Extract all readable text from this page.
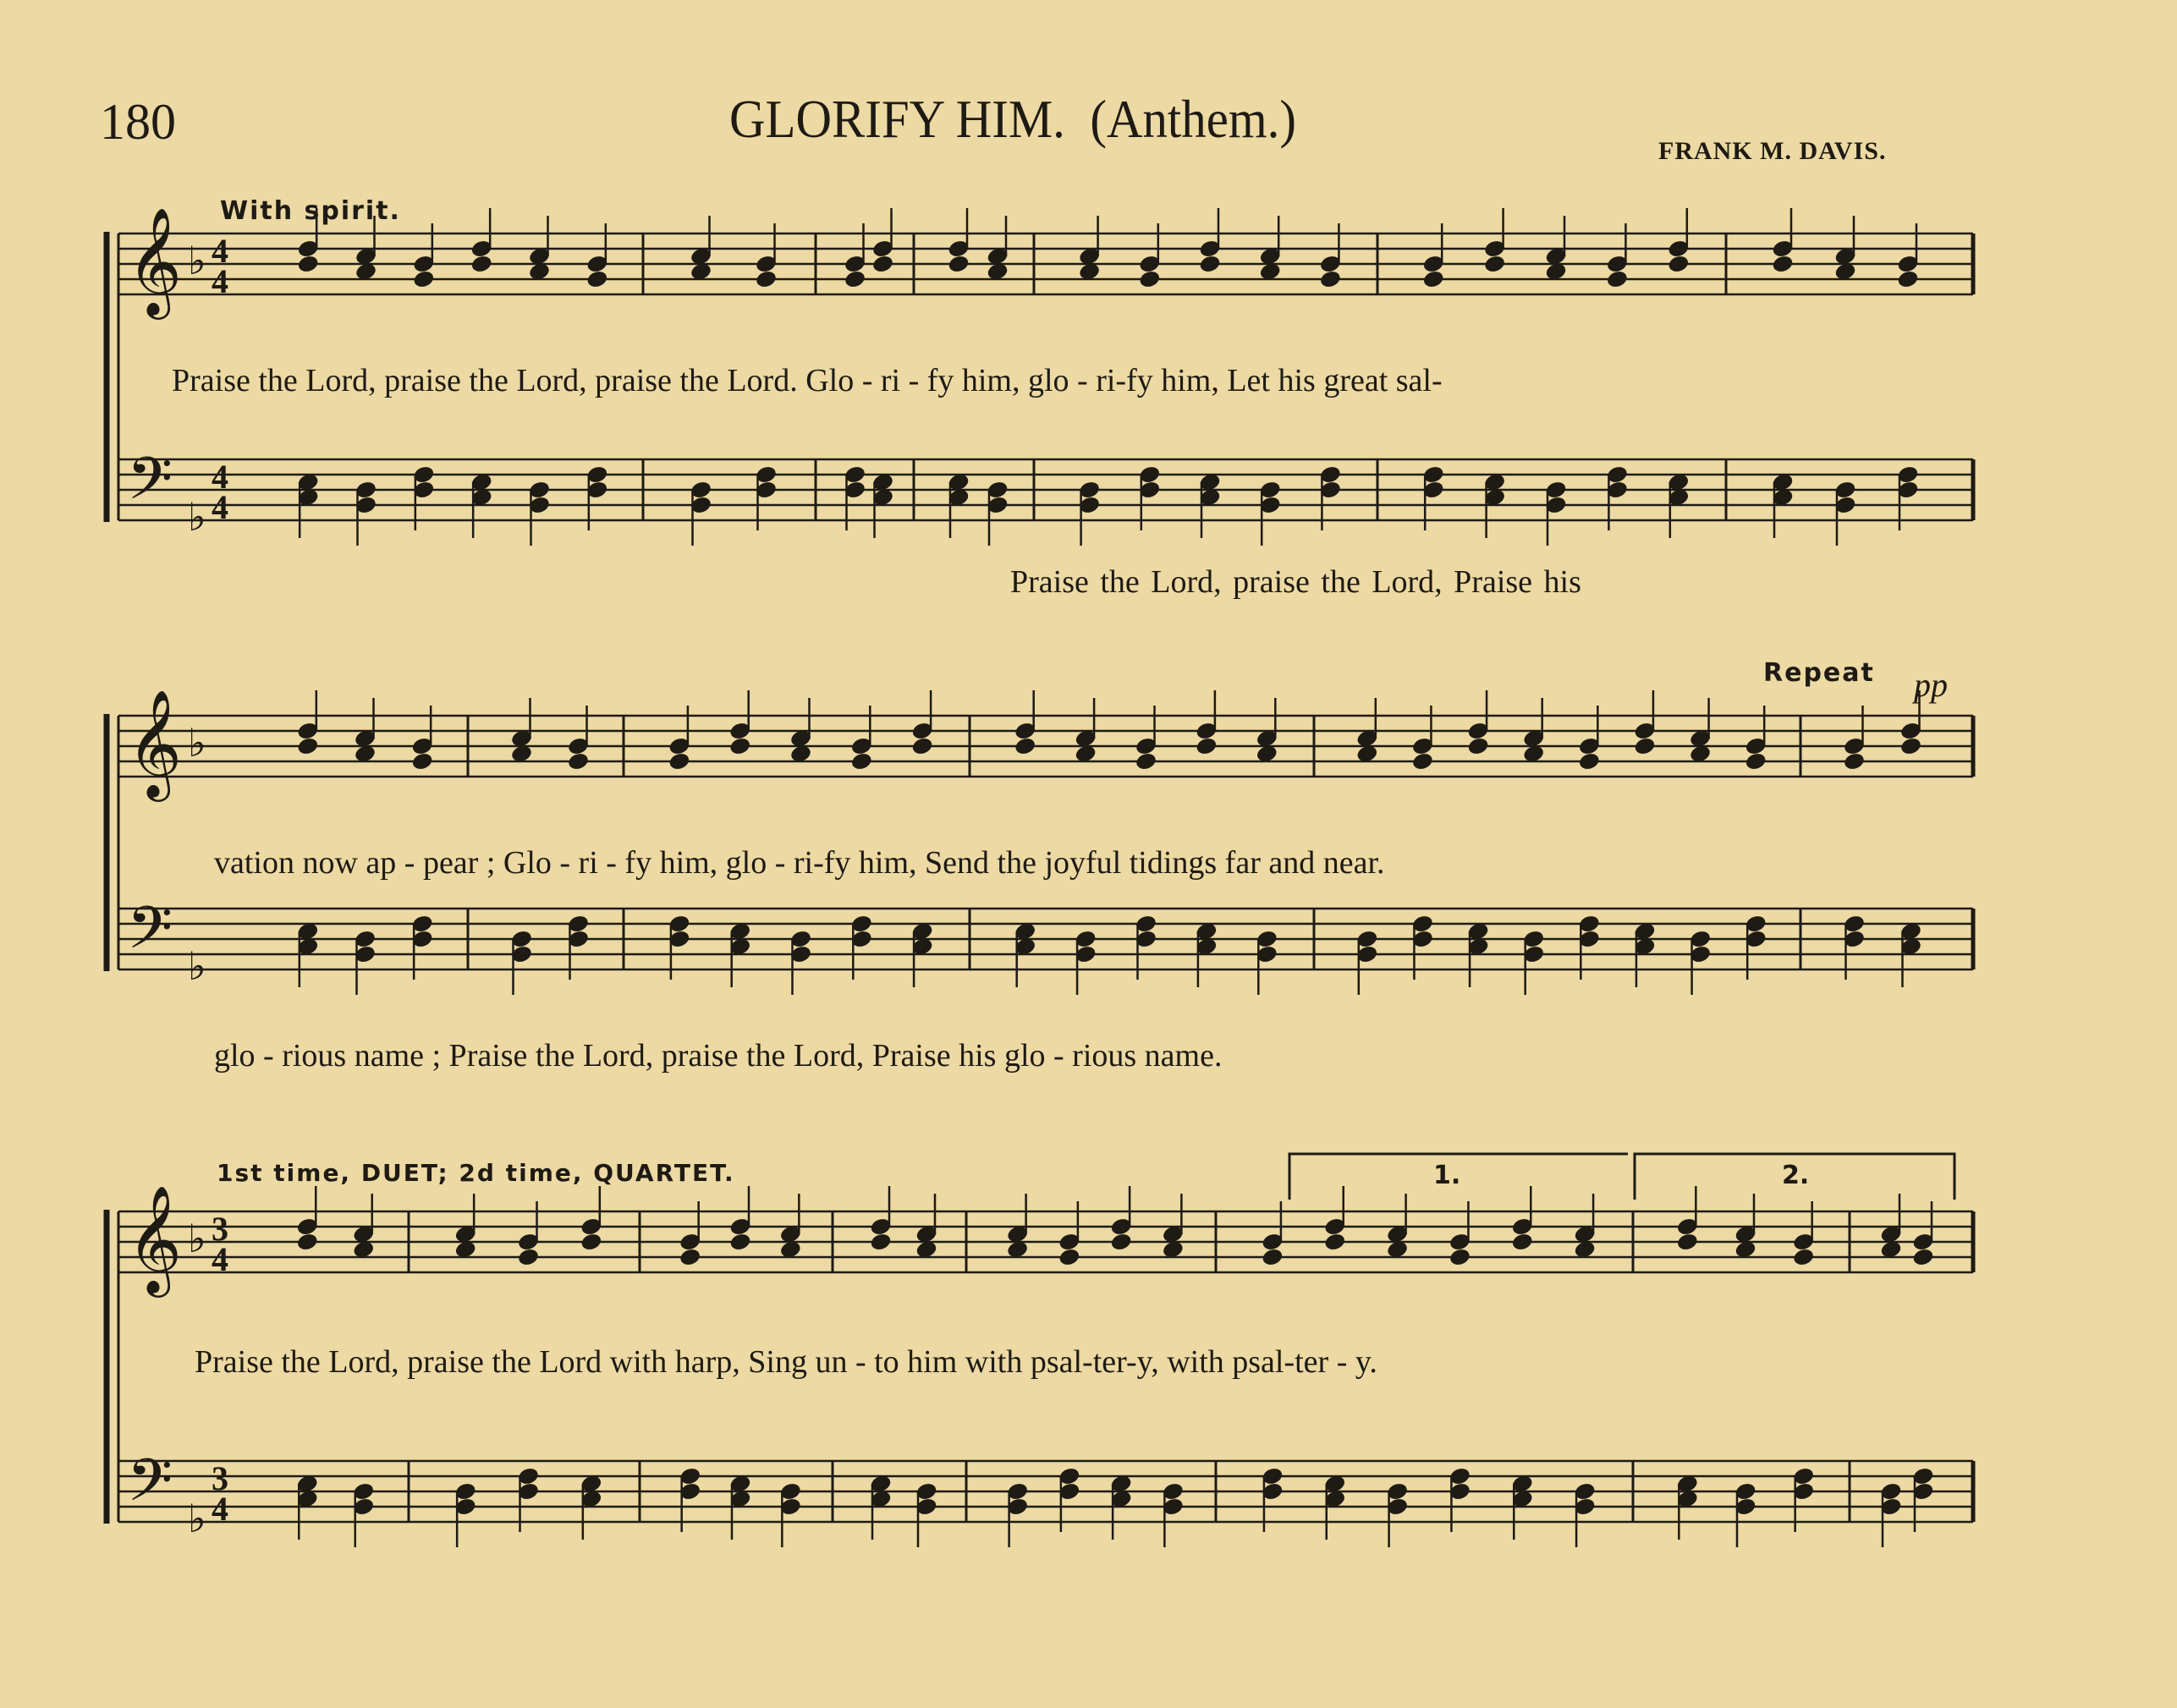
180	GLORIFY HIM. (Anthem.)
FRANK M. DAVIS.
With spirit.
Praise the Lord, praise the Lord, praise the Lord. Glo - ri - fy him, glo - ri-fy him, Let his great sal-
Praise the Lord, praise the Lord, Praise his
Repeat pp
vation now ap - pear ; Glo - ri - fy him, glo - ri-fy him, Send the joyful tidings far and near.
glo - rious name ; Praise the Lord, praise the Lord, Praise his glo - rious name.
1st time, DUET; 2d time, QUARTET.	1.	2.
Praise the Lord, praise the Lord with harp, Sing un - to him with psal-ter-y, with psal-ter - y.
𝄞
𝄢
♭
♭
𝄞
𝄢
♭
♭
𝄞
𝄢
♭
♭
4
4
4
4
3
4
3
4
